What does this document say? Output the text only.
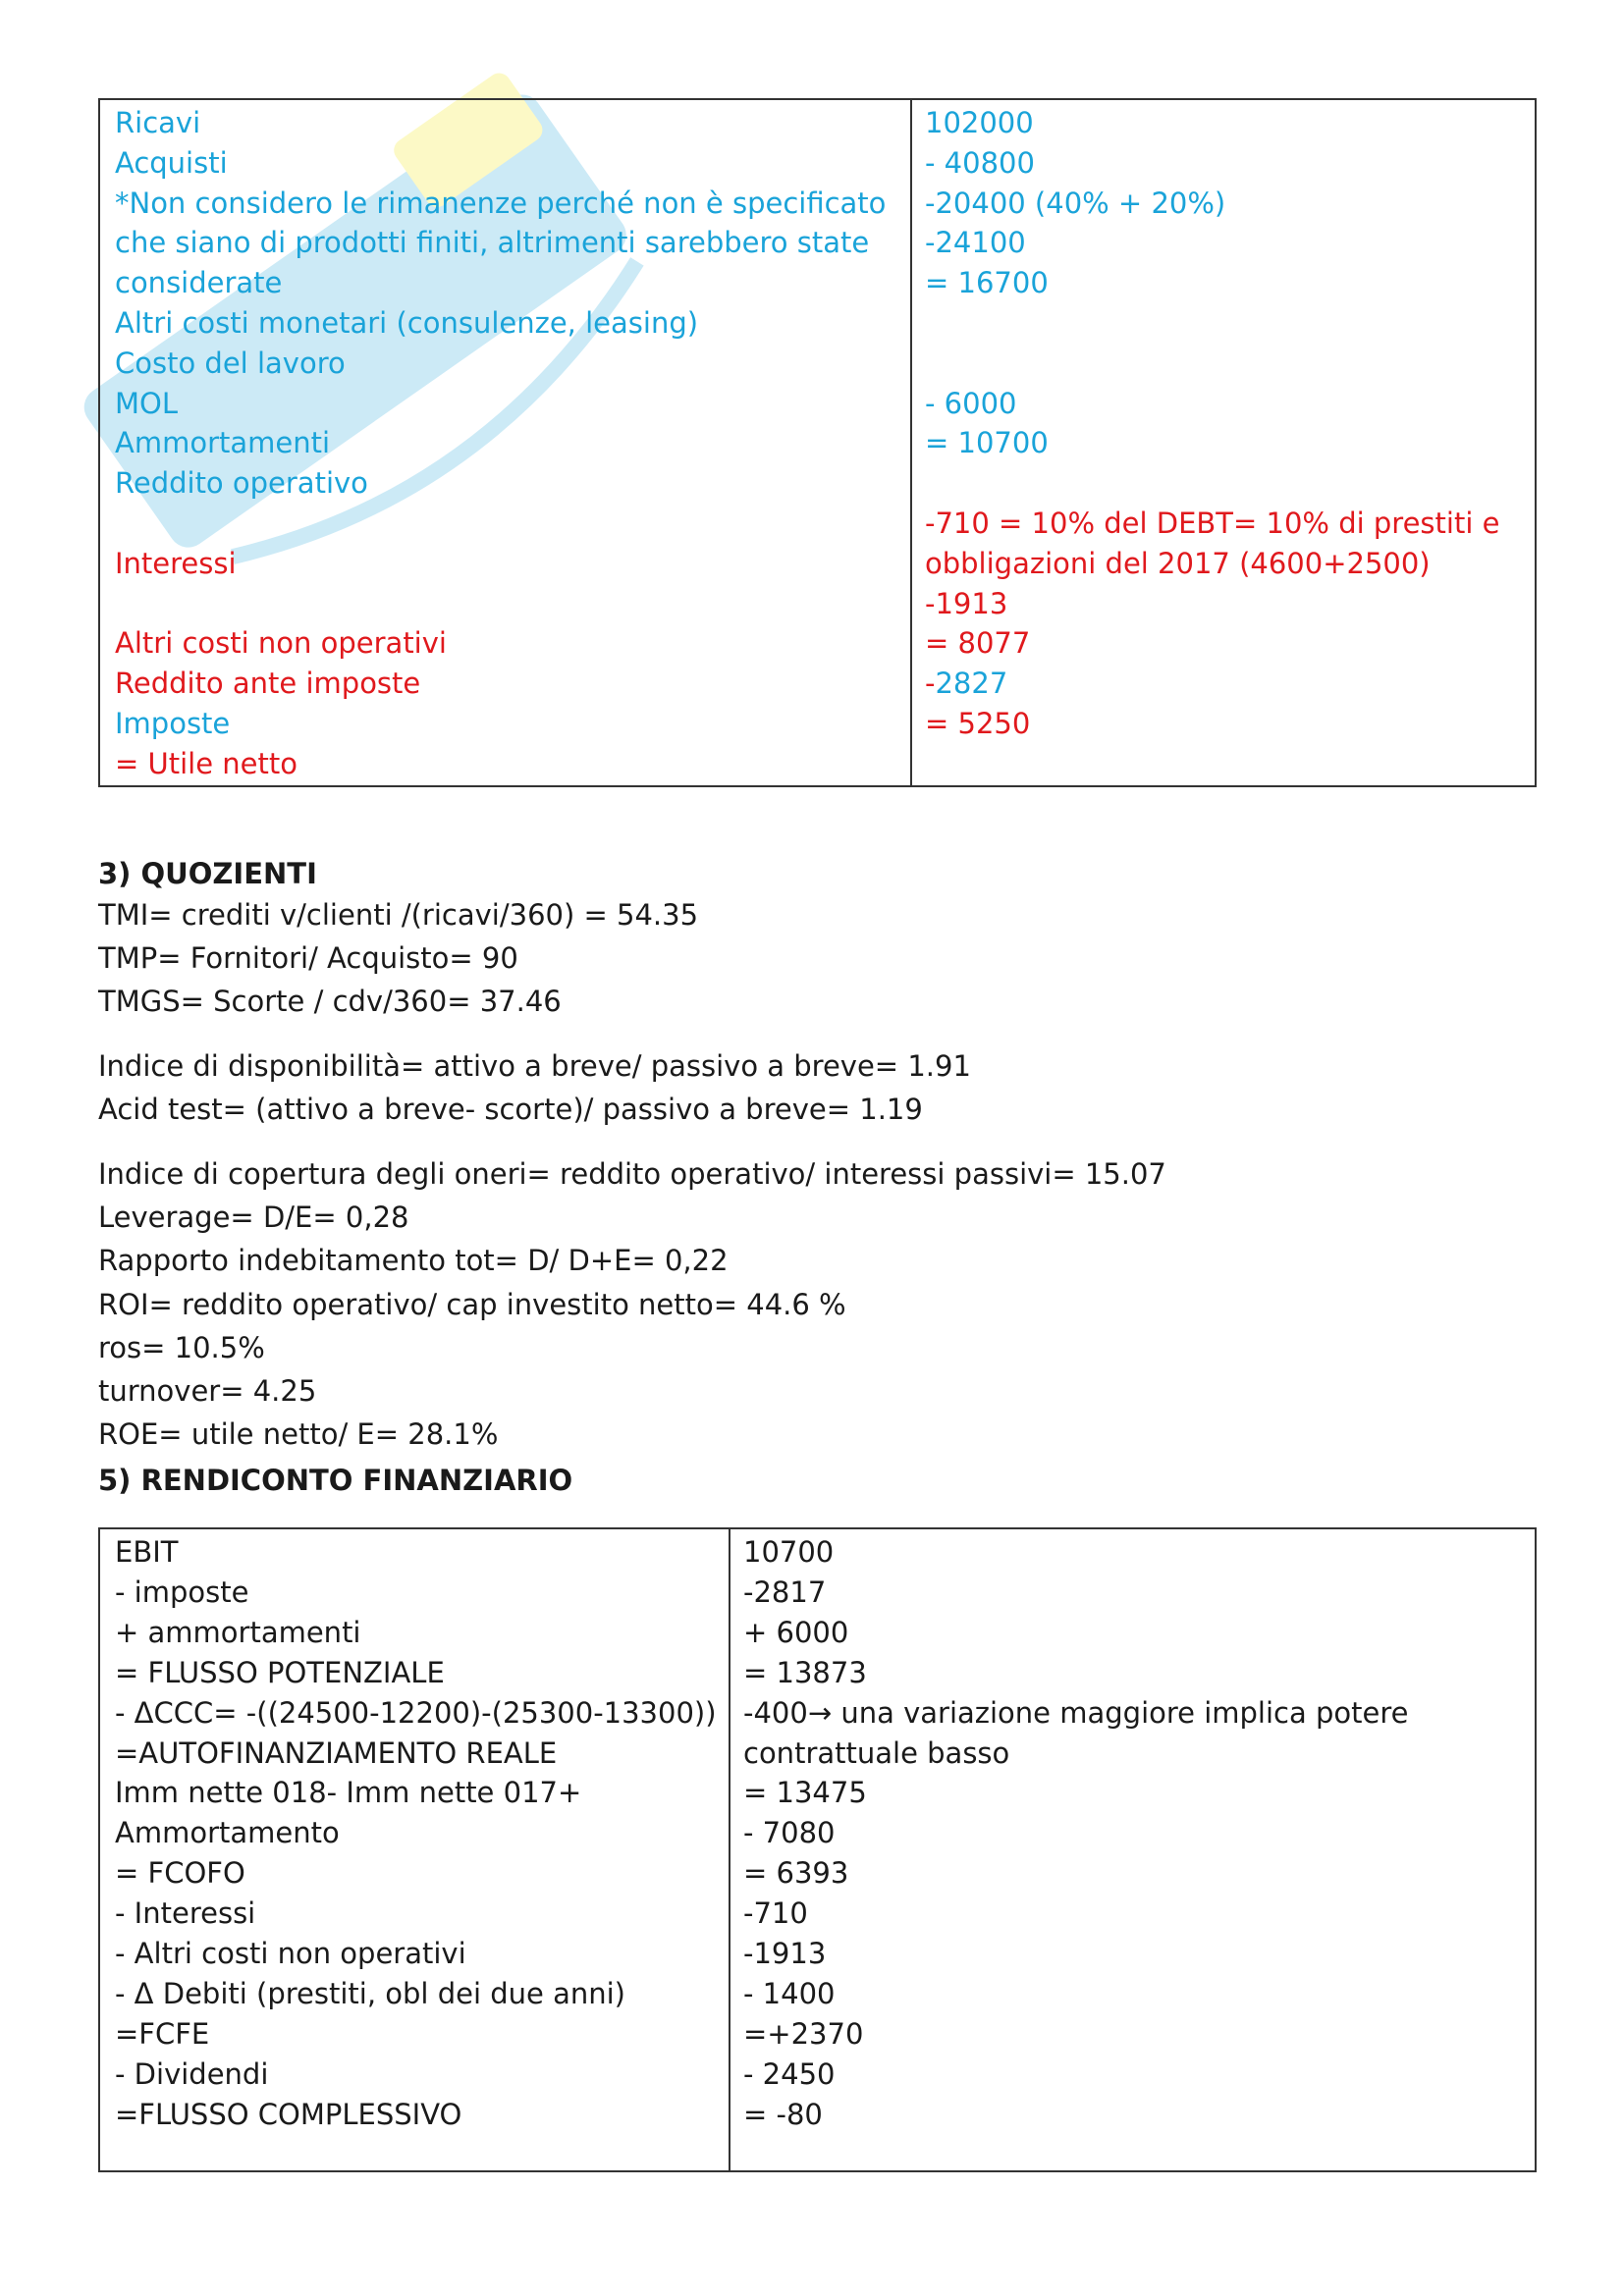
Ricavi
Acquisti
*Non considero le rimanenze perché non è specificato
che siano di prodotti finiti, altrimenti sarebbero state
considerate
Altri costi monetari (consulenze, leasing)
Costo del lavoro
MOL
Ammortamenti
Reddito operativo
Interessi
Altri costi non operativi
Reddito ante imposte
Imposte
= Utile netto
102000
- 40800
-20400 (40% + 20%)
-24100
= 16700
- 6000
= 10700
-710 = 10% del DEBT= 10% di prestiti e
obbligazioni del 2017 (4600+2500)
-1913
= 8077
-2827
= 5250
3) QUOZIENTI
TMI= crediti v/clienti /(ricavi/360) = 54.35
TMP= Fornitori/ Acquisto= 90
TMGS= Scorte / cdv/360= 37.46
Indice di disponibilità= attivo a breve/ passivo a breve= 1.91
Acid test= (attivo a breve- scorte)/ passivo a breve= 1.19
Indice di copertura degli oneri= reddito operativo/ interessi passivi= 15.07
Leverage= D/E= 0,28
Rapporto indebitamento tot= D/ D+E= 0,22
ROI= reddito operativo/ cap investito netto= 44.6 %
ros= 10.5%
turnover= 4.25
ROE= utile netto/ E= 28.1%
5) RENDICONTO FINANZIARIO
EBIT
- imposte
+ ammortamenti
= FLUSSO POTENZIALE
- ΔCCC= -((24500-12200)-(25300-13300))
=AUTOFINANZIAMENTO REALE
Imm nette 018- Imm nette 017+
Ammortamento
= FCOFO
- Interessi
- Altri costi non operativi
- Δ Debiti (prestiti, obl dei due anni)
=FCFE
- Dividendi
=FLUSSO COMPLESSIVO
10700
-2817
+ 6000
= 13873
-400→ una variazione maggiore implica potere
contrattuale basso
= 13475
- 7080
= 6393
-710
-1913
- 1400
=+2370
- 2450
= -80
